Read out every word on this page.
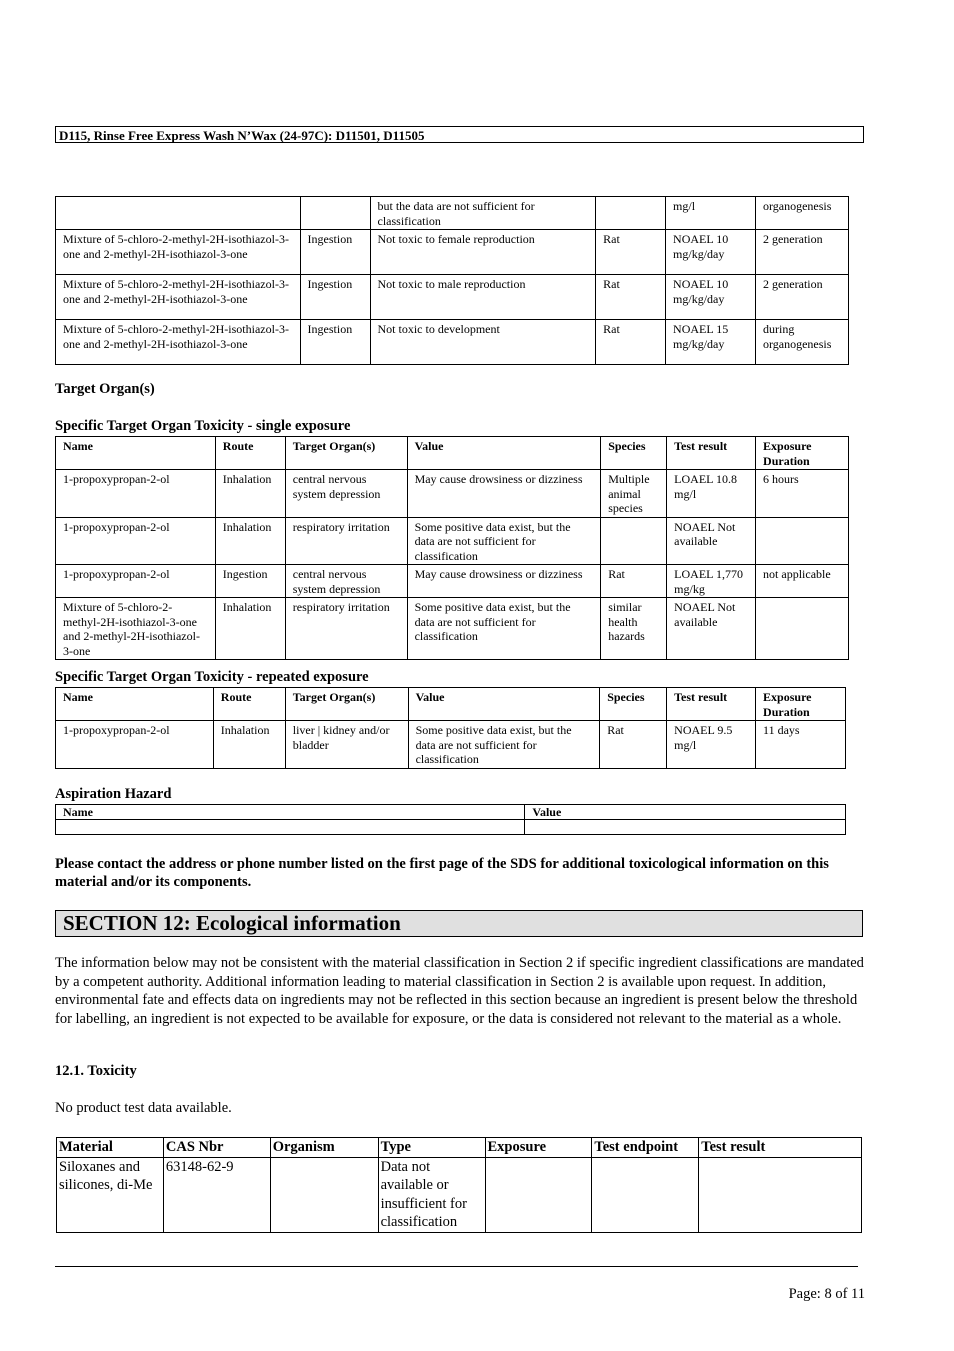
D115, Rinse Free Express Wash N’Wax (24-97C): D11501, D11505
		but the data are not sufficient for classification		mg/l	organogenesis
Mixture of 5-chloro-2-methyl-2H-isothiazol-3-one and 2-methyl-2H-isothiazol-3-one	Ingestion	Not toxic to female reproduction	Rat	NOAEL 10 mg/kg/day	2 generation
Mixture of 5-chloro-2-methyl-2H-isothiazol-3-one and 2-methyl-2H-isothiazol-3-one	Ingestion	Not toxic to male reproduction	Rat	NOAEL 10 mg/kg/day	2 generation
Mixture of 5-chloro-2-methyl-2H-isothiazol-3-one and 2-methyl-2H-isothiazol-3-one	Ingestion	Not toxic to development	Rat	NOAEL 15 mg/kg/day	during organogenesis
Target Organ(s)
Specific Target Organ Toxicity - single exposure
Name	Route	Target Organ(s)	Value	Species	Test result	Exposure Duration
1-propoxypropan-2-ol	Inhalation	central nervous system depression	May cause drowsiness or dizziness	Multiple animal species	LOAEL 10.8 mg/l	6 hours
1-propoxypropan-2-ol	Inhalation	respiratory irritation	Some positive data exist, but the data are not sufficient for classification		NOAEL Not available	
1-propoxypropan-2-ol	Ingestion	central nervous system depression	May cause drowsiness or dizziness	Rat	LOAEL 1,770 mg/kg	not applicable
Mixture of 5-chloro-2-methyl-2H-isothiazol-3-one and 2-methyl-2H-isothiazol-3-one	Inhalation	respiratory irritation	Some positive data exist, but the data are not sufficient for classification	similar health hazards	NOAEL Not available	
Specific Target Organ Toxicity - repeated exposure
Name	Route	Target Organ(s)	Value	Species	Test result	Exposure Duration
1-propoxypropan-2-ol	Inhalation	liver | kidney and/or bladder	Some positive data exist, but the data are not sufficient for classification	Rat	NOAEL 9.5 mg/l	11 days
Aspiration Hazard
Name	Value

Please contact the address or phone number listed on the first page of the SDS for additional toxicological information on this material and/or its components.
SECTION 12: Ecological information
The information below may not be consistent with the material classification in Section 2 if specific ingredient classifications are mandated by a competent authority. Additional information leading to material classification in Section 2 is available upon request. In addition, environmental fate and effects data on ingredients may not be reflected in this section because an ingredient is present below the threshold for labelling, an ingredient is not expected to be available for exposure, or the data is considered not relevant to the material as a whole.
12.1. Toxicity
No product test data available.
Material	CAS Nbr	Organism	Type	Exposure	Test endpoint	Test result
Siloxanes and silicones, di-Me	63148-62-9		Data not available or insufficient for classification			
Page: 8 of 11
